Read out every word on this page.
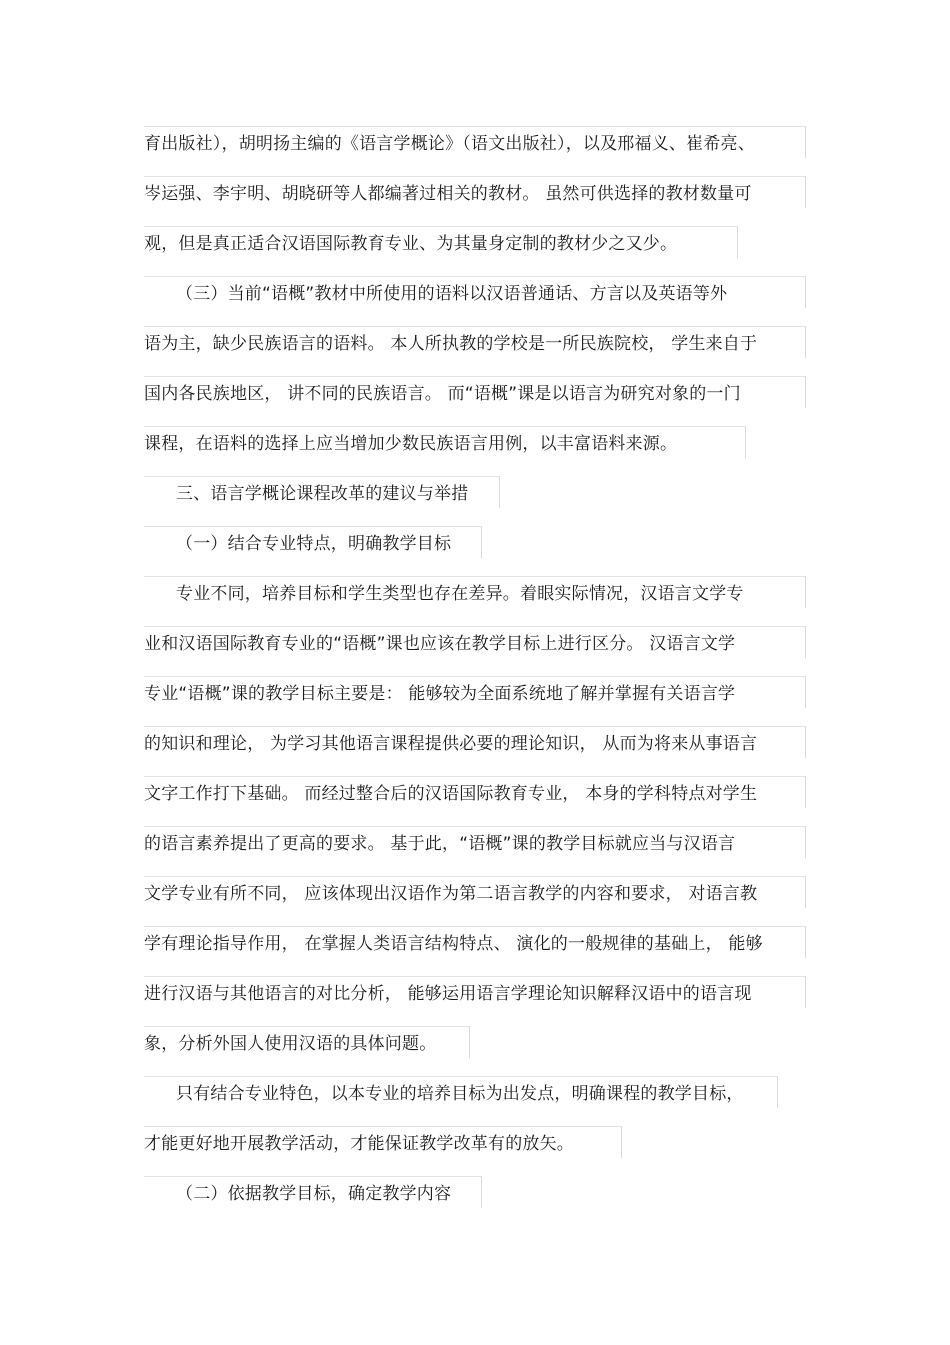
育出版社），胡明扬主编的《语言学概论》（语文出版社），以及邢福义、崔希亮、
岑运强、李宇明、胡晓研等人都编著过相关的教材。 虽然可供选择的教材数量可
观，但是真正适合汉语国际教育专业、为其量身定制的教材少之又少。
（三）当前“语概”教材中所使用的语料以汉语普通话、方言以及英语等外
语为主，缺少民族语言的语料。 本人所执教的学校是一所民族院校， 学生来自于
国内各民族地区， 讲不同的民族语言。 而“语概”课是以语言为研究对象的一门
课程，在语料的选择上应当增加少数民族语言用例，以丰富语料来源。
三、语言学概论课程改革的建议与举措
（一）结合专业特点，明确教学目标
专业不同，培养目标和学生类型也存在差异。着眼实际情况，汉语言文学专
业和汉语国际教育专业的“语概”课也应该在教学目标上进行区分。 汉语言文学
专业“语概”课的教学目标主要是： 能够较为全面系统地了解并掌握有关语言学
的知识和理论， 为学习其他语言课程提供必要的理论知识， 从而为将来从事语言
文字工作打下基础。 而经过整合后的汉语国际教育专业， 本身的学科特点对学生
的语言素养提出了更高的要求。 基于此，“语概”课的教学目标就应当与汉语言
文学专业有所不同， 应该体现出汉语作为第二语言教学的内容和要求， 对语言教
学有理论指导作用， 在掌握人类语言结构特点、 演化的一般规律的基础上， 能够
进行汉语与其他语言的对比分析， 能够运用语言学理论知识解释汉语中的语言现
象，分析外国人使用汉语的具体问题。
只有结合专业特色，以本专业的培养目标为出发点，明确课程的教学目标，
才能更好地开展教学活动，才能保证教学改革有的放矢。
（二）依据教学目标，确定教学内容
